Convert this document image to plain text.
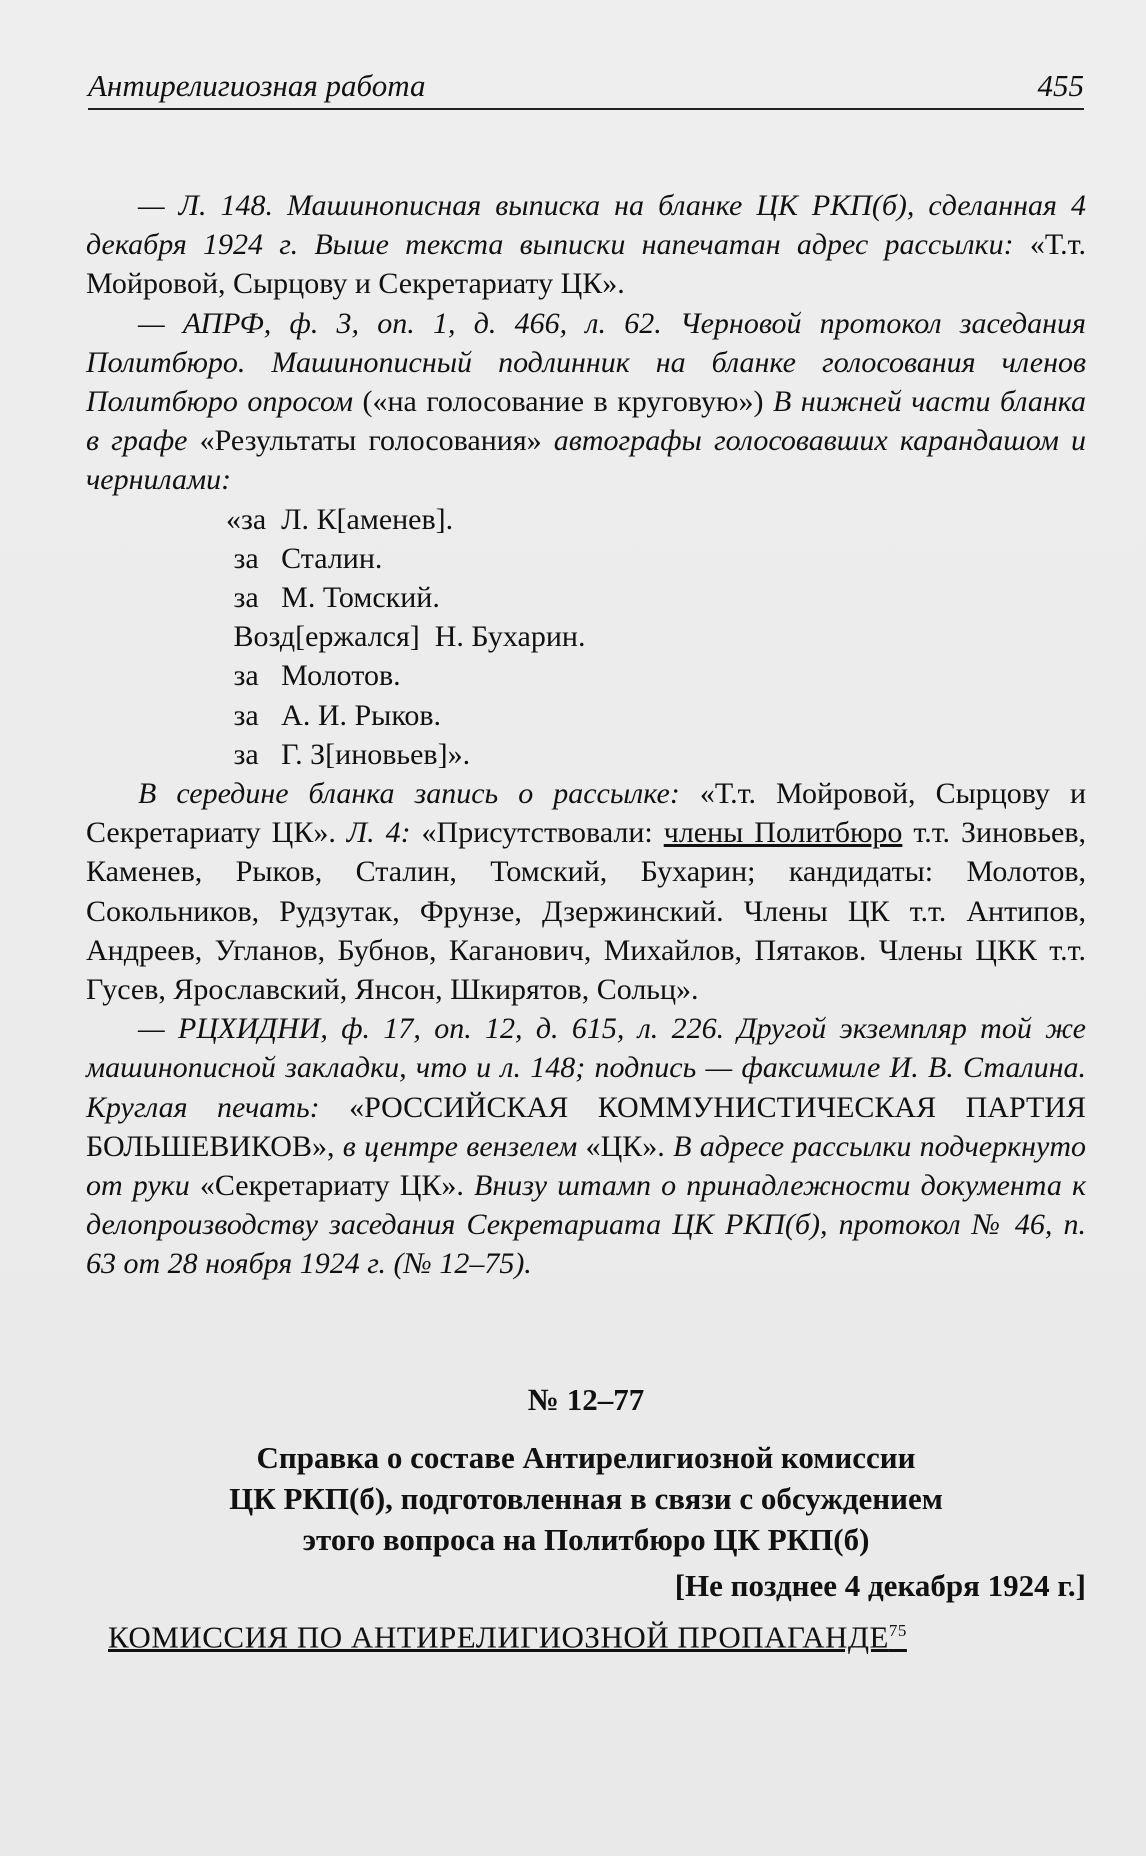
Антирелигиозная работа	455

— Л. 148. Машинописная выписка на бланке ЦК РКП(б), сделанная 4 декабря 1924 г. Выше текста выписки напечатан адрес рассылки: «Т.т. Мойровой, Сырцову и Секретариату ЦК».

— АПРФ, ф. 3, оп. 1, д. 466, л. 62. Черновой протокол заседания Политбюро. Машинописный подлинник на бланке голосования членов Политбюро опросом («на голосование в круговую») В нижней части бланка в графе «Результаты голосования» автографы голосовавших карандашом и чернилами:

«за  Л. К[аменев].
за   Сталин.
за   М. Томский.
Возд[ержался]  Н. Бухарин.
за   Молотов.
за   А. И. Рыков.
за   Г. З[иновьев]».

В середине бланка запись о рассылке: «Т.т. Мойровой, Сырцову и Секретариату ЦК». Л. 4: «Присутствовали: члены Политбюро т.т. Зиновьев, Каменев, Рыков, Сталин, Томский, Бухарин; кандидаты: Молотов, Сокольников, Рудзутак, Фрунзе, Дзержинский. Члены ЦК т.т. Антипов, Андреев, Угланов, Бубнов, Каганович, Михайлов, Пятаков. Члены ЦКК т.т. Гусев, Ярославский, Янсон, Шкирятов, Сольц».

— РЦХИДНИ, ф. 17, оп. 12, д. 615, л. 226. Другой экземпляр той же машинописной закладки, что и л. 148; подпись — факсимиле И. В. Сталина. Круглая печать: «РОССИЙСКАЯ КОММУНИСТИЧЕСКАЯ ПАРТИЯ БОЛЬШЕВИКОВ», в центре вензелем «ЦК». В адресе рассылки подчеркнуто от руки «Секретариату ЦК». Внизу штамп о принадлежности документа к делопроизводству заседания Секретариата ЦК РКП(б), протокол № 46, п. 63 от 28 ноября 1924 г. (№ 12–75).

№ 12–77

Справка о составе Антирелигиозной комиссии
ЦК РКП(б), подготовленная в связи с обсуждением
этого вопроса на Политбюро ЦК РКП(б)

[Не позднее 4 декабря 1924 г.]

КОМИССИЯ ПО АНТИРЕЛИГИОЗНОЙ ПРОПАГАНДЕ$^{75}$
